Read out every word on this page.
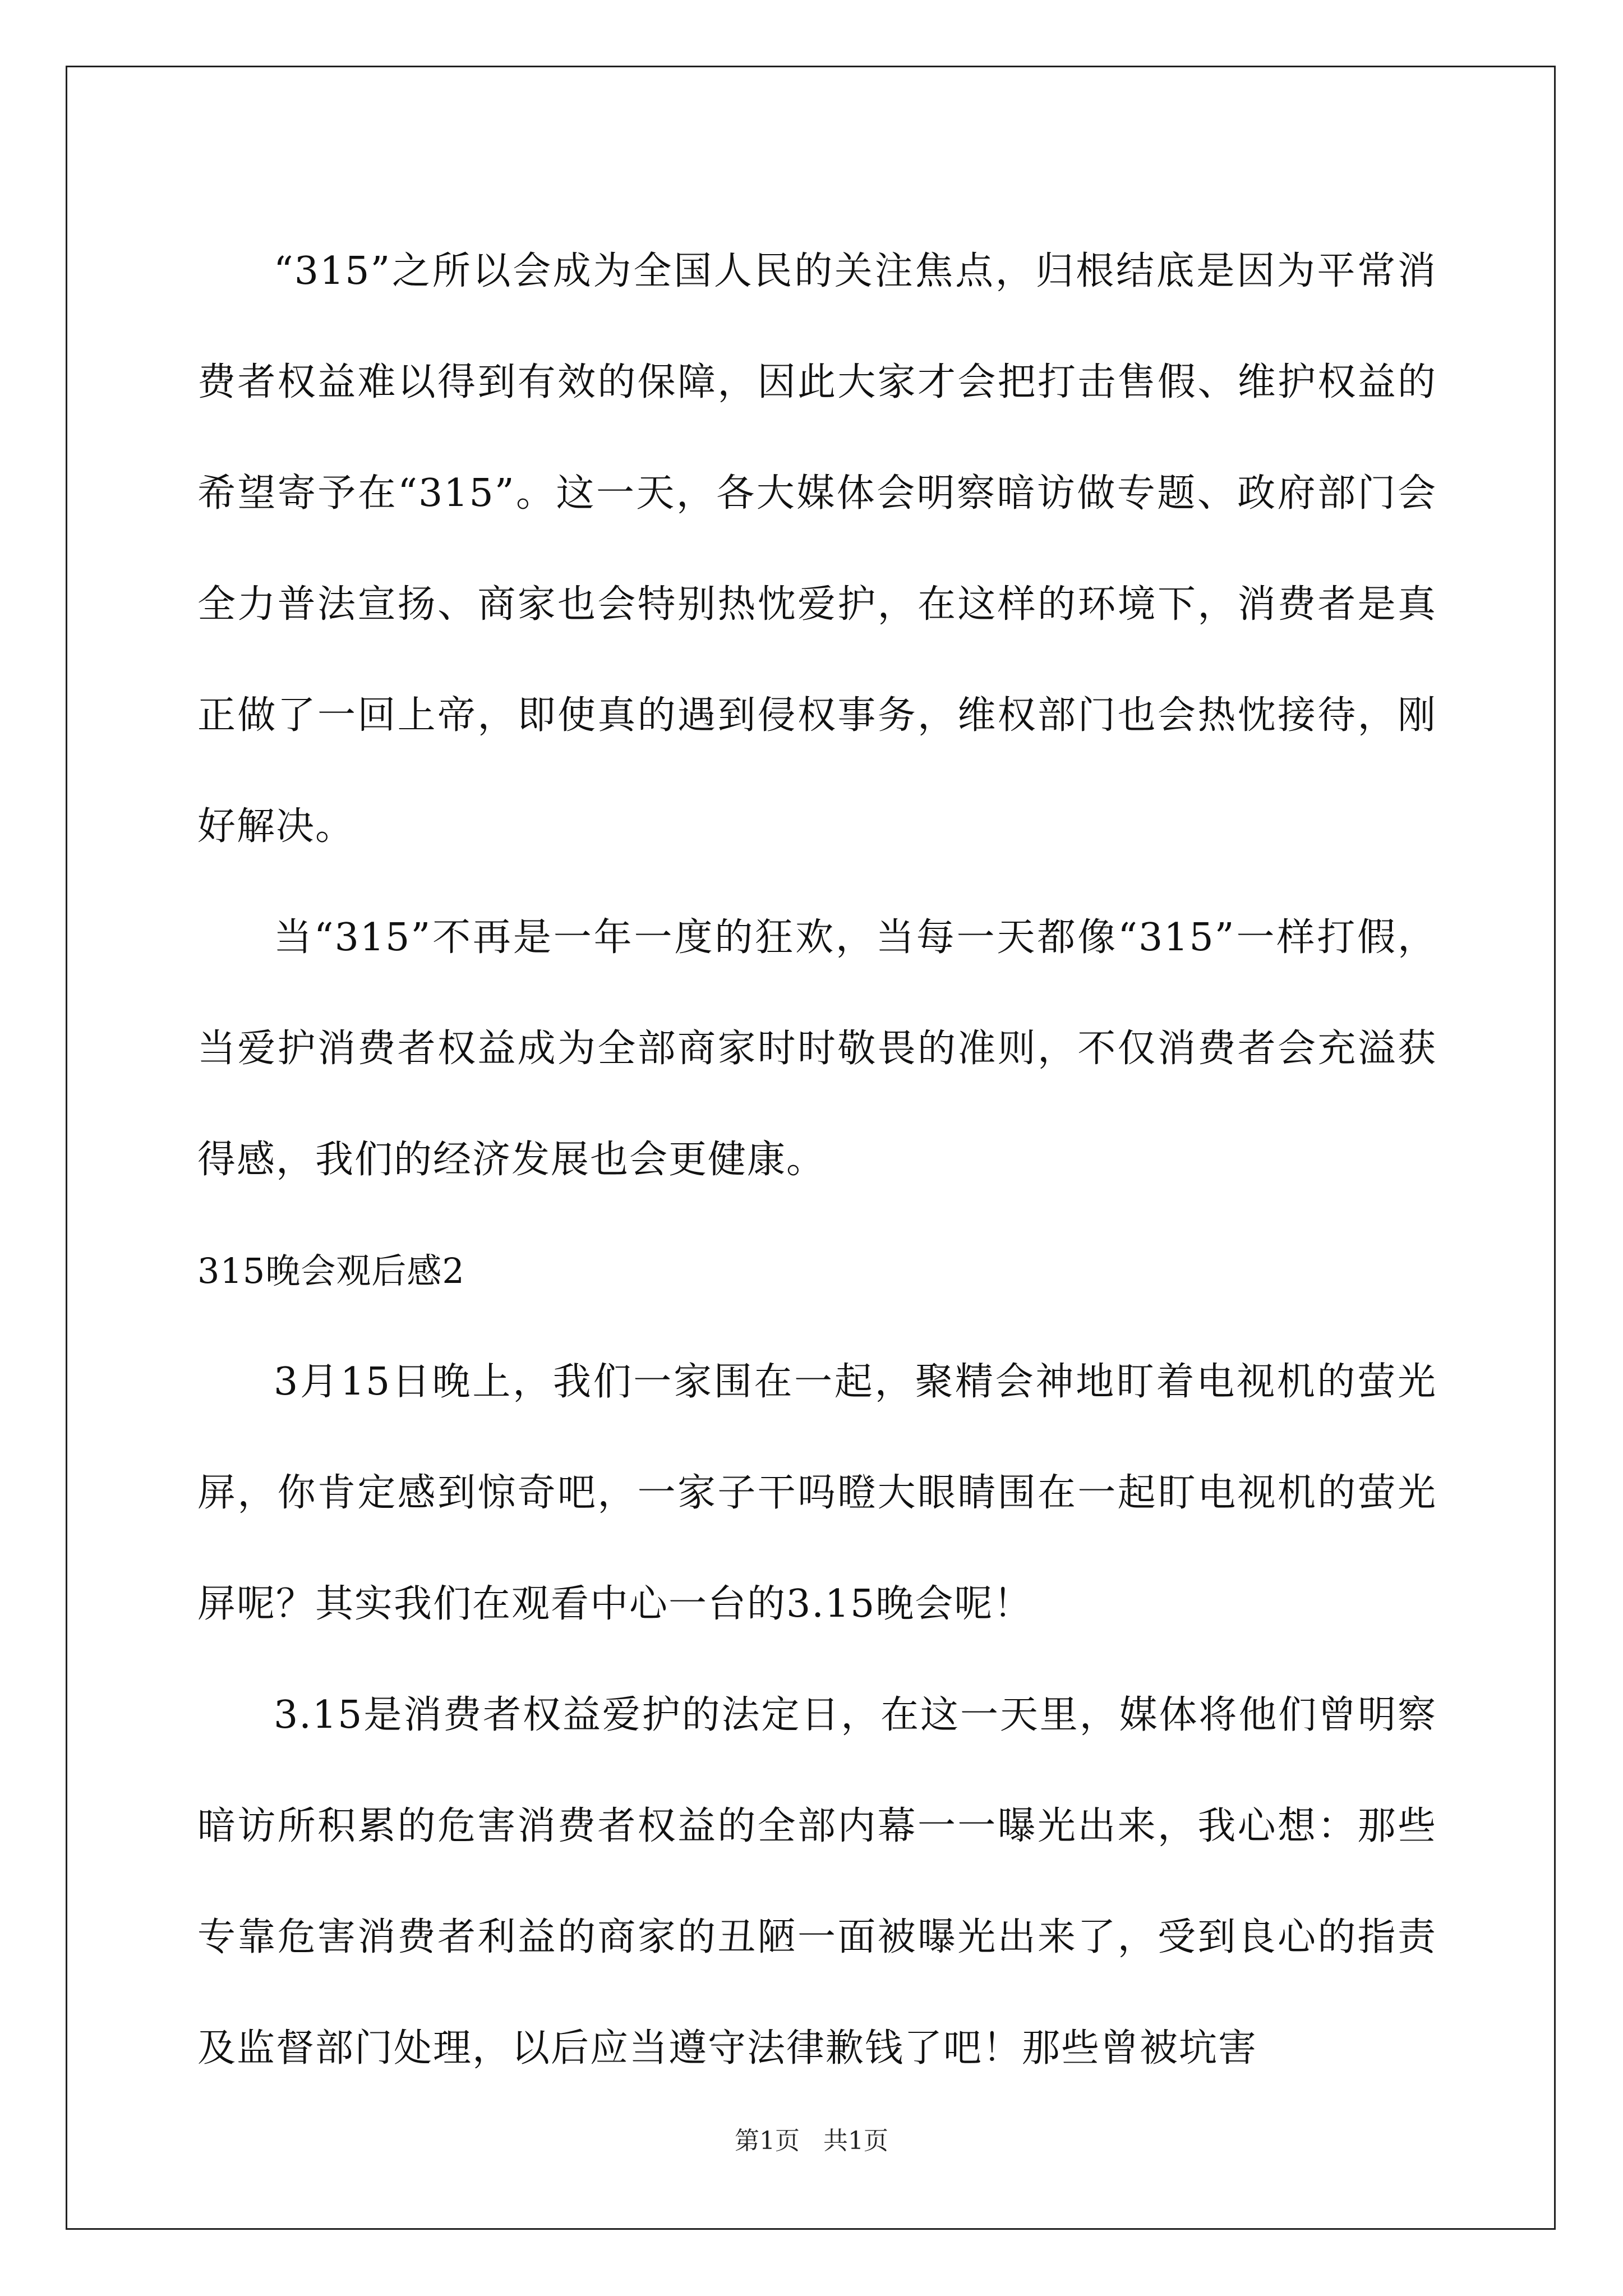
“315”之所以会成为全国人民的关注焦点，归根结底是因为平常消费者权益难以得到有效的保障，因此大家才会把打击售假、维护权益的希望寄予在“315”。这一天，各大媒体会明察暗访做专题、政府部门会全力普法宣扬、商家也会特别热忱爱护，在这样的环境下，消费者是真正做了一回上帝，即使真的遇到侵权事务，维权部门也会热忱接待，刚好解决。

当“315”不再是一年一度的狂欢，当每一天都像“315”一样打假，当爱护消费者权益成为全部商家时时敬畏的准则，不仅消费者会充溢获得感，我们的经济发展也会更健康。

315晚会观后感2

3月15日晚上，我们一家围在一起，聚精会神地盯着电视机的萤光屏，你肯定感到惊奇吧，一家子干吗瞪大眼睛围在一起盯电视机的萤光屏呢？其实我们在观看中心一台的3.15晚会呢！

3.15是消费者权益爱护的法定日，在这一天里，媒体将他们曾明察暗访所积累的危害消费者权益的全部内幕一一曝光出来，我心想：那些专靠危害消费者利益的商家的丑陋一面被曝光出来了，受到良心的指责及监督部门处理，以后应当遵守法律歉钱了吧！那些曾被坑害

第1页 共1页
